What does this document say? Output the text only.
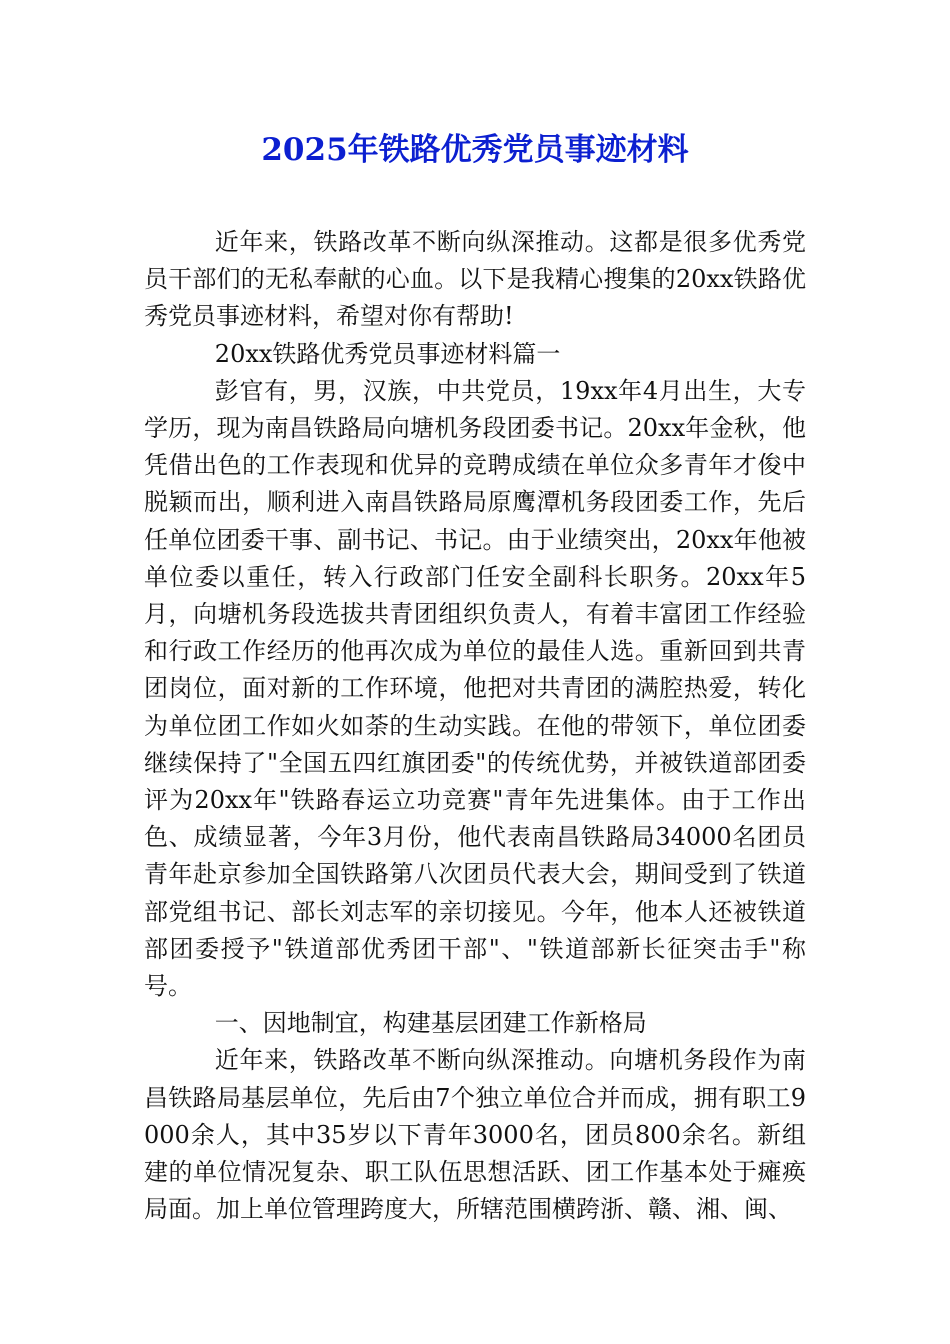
2025年铁路优秀党员事迹材料

近年来，铁路改革不断向纵深推动。这都是很多优秀党员干部们的无私奉献的心血。以下是我精心搜集的20xx铁路优秀党员事迹材料，希望对你有帮助!

20xx铁路优秀党员事迹材料篇一

彭官有，男，汉族，中共党员，19xx年4月出生，大专学历，现为南昌铁路局向塘机务段团委书记。20xx年金秋，他凭借出色的工作表现和优异的竞聘成绩在单位众多青年才俊中脱颖而出，顺利进入南昌铁路局原鹰潭机务段团委工作，先后任单位团委干事、副书记、书记。由于业绩突出，20xx年他被单位委以重任，转入行政部门任安全副科长职务。20xx年5月，向塘机务段选拔共青团组织负责人，有着丰富团工作经验和行政工作经历的他再次成为单位的最佳人选。重新回到共青团岗位，面对新的工作环境，他把对共青团的满腔热爱，转化为单位团工作如火如荼的生动实践。在他的带领下，单位团委继续保持了"全国五四红旗团委"的传统优势，并被铁道部团委评为20xx年"铁路春运立功竞赛"青年先进集体。由于工作出色、成绩显著，今年3月份，他代表南昌铁路局34000名团员青年赴京参加全国铁路第八次团员代表大会，期间受到了铁道部党组书记、部长刘志军的亲切接见。今年，他本人还被铁道部团委授予"铁道部优秀团干部"、"铁道部新长征突击手"称号。

一、因地制宜，构建基层团建工作新格局

近年来，铁路改革不断向纵深推动。向塘机务段作为南昌铁路局基层单位，先后由7个独立单位合并而成，拥有职工9000余人，其中35岁以下青年3000名，团员800余名。新组建的单位情况复杂、职工队伍思想活跃、团工作基本处于瘫痪局面。加上单位管理跨度大，所辖范围横跨浙、赣、湘、闽、
